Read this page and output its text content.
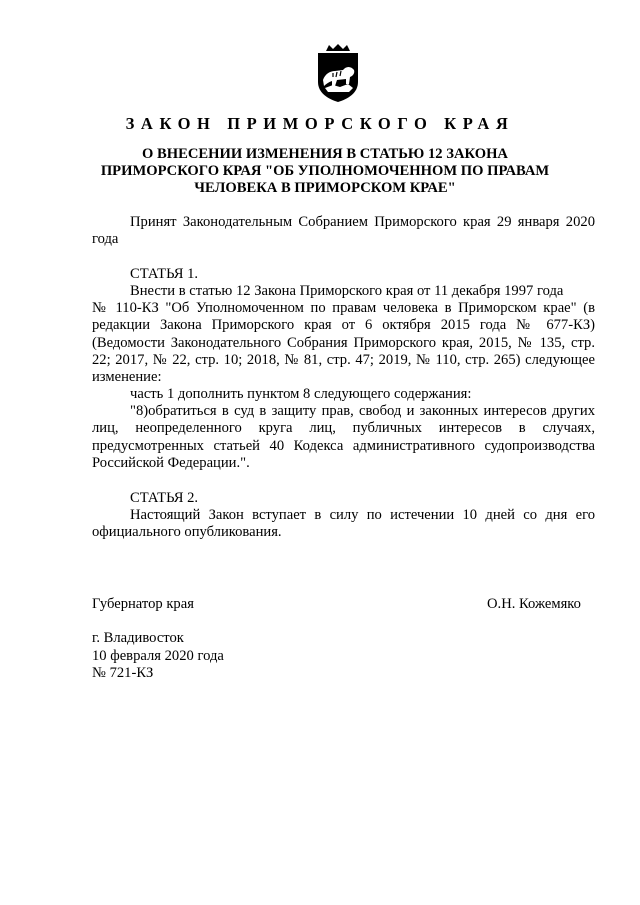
ЗАКОН ПРИМОРСКОГО КРАЯ
О ВНЕСЕНИИ ИЗМЕНЕНИЯ В СТАТЬЮ 12 ЗАКОНА
ПРИМОРСКОГО КРАЯ "ОБ УПОЛНОМОЧЕННОМ ПО ПРАВАМ
ЧЕЛОВЕКА В ПРИМОРСКОМ КРАЕ"

Принят Законодательным Собранием Приморского края 29 января 2020 года

СТАТЬЯ 1.

Внести в статью 12 Закона Приморского края от 11 декабря 1997 года

№ 110-КЗ "Об Уполномоченном по правам человека в Приморском крае" (в редакции Закона Приморского края от 6 октября 2015 года № 677-КЗ) (Ведомости Законодательного Собрания Приморского края, 2015, № 135, стр. 22; 2017, № 22, стр. 10; 2018, № 81, стр. 47; 2019, № 110, стр. 265) следующее изменение:

часть 1 дополнить пунктом 8 следующего содержания:

"8)обратиться в суд в защиту прав, свобод и законных интересов других лиц, неопределенного круга лиц, публичных интересов в случаях, предусмотренных статьей 40 Кодекса административного судопроизводства Российской Федерации.".

СТАТЬЯ 2.

Настоящий Закон вступает в силу по истечении 10 дней со дня его официального опубликования.

Губернатор края	О.Н. Кожемяко

г. Владивосток
10 февраля 2020 года
№ 721-КЗ
